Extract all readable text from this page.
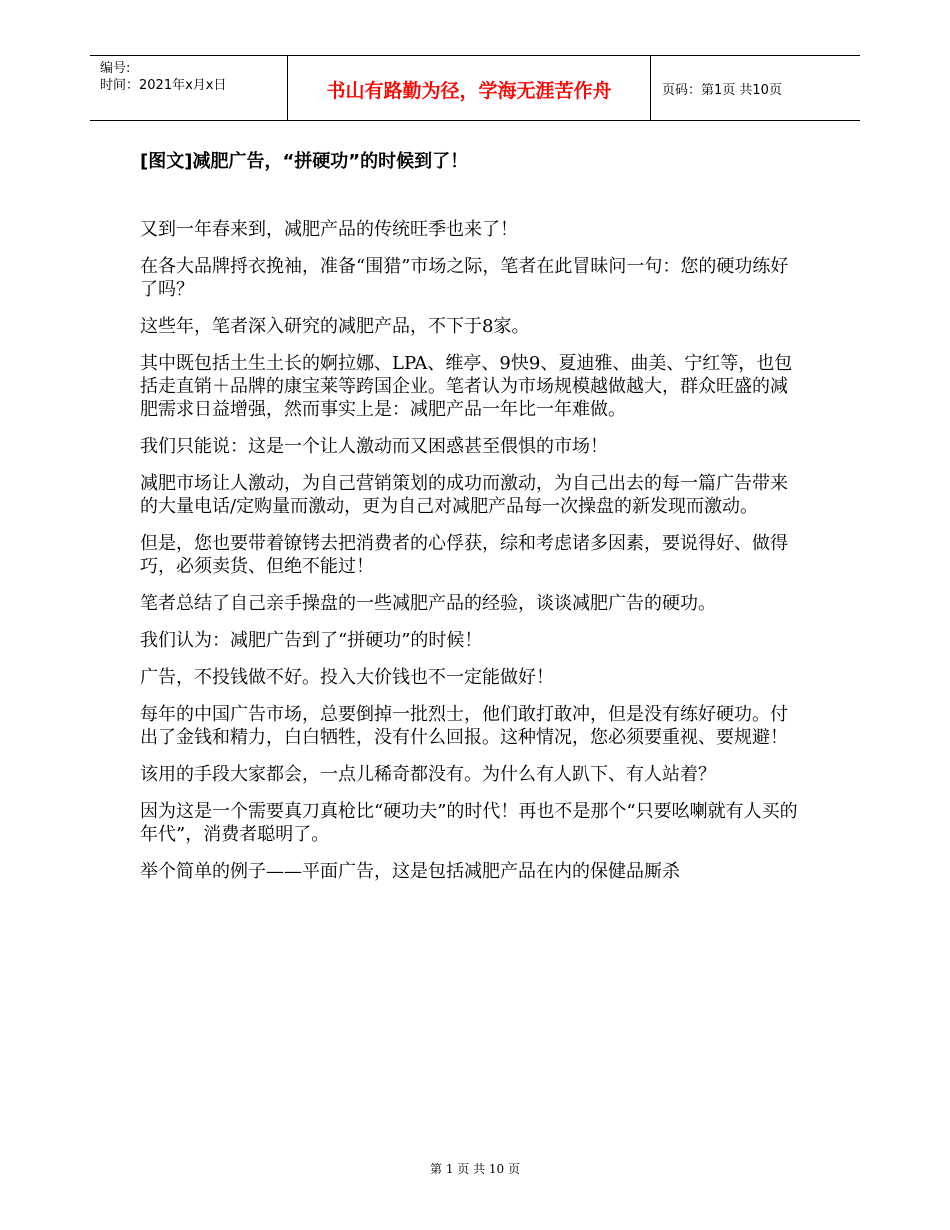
编号:
时间：2021年x月x日	书山有路勤为径，学海无涯苦作舟	页码：第1页 共10页
[图文]减肥广告，“拼硬功”的时候到了！

又到一年春来到，减肥产品的传统旺季也来了！

在各大品牌捋衣挽袖，准备“围猎”市场之际，笔者在此冒昧问一句：您的硬功练好了吗？

这些年，笔者深入研究的减肥产品，不下于8家。

其中既包括土生土长的婀拉娜、LPA、维亭、9快9、夏迪雅、曲美、宁红等，也包括走直销＋品牌的康宝莱等跨国企业。笔者认为市场规模越做越大，群众旺盛的减肥需求日益增强，然而事实上是：减肥产品一年比一年难做。

我们只能说：这是一个让人激动而又困惑甚至偎惧的市场！

减肥市场让人激动，为自己营销策划的成功而激动，为自己出去的每一篇广告带来的大量电话/定购量而激动，更为自己对减肥产品每一次操盘的新发现而激动。

但是，您也要带着镣铐去把消费者的心俘获，综和考虑诸多因素，要说得好、做得巧，必须卖货、但绝不能过！

笔者总结了自己亲手操盘的一些减肥产品的经验，谈谈减肥广告的硬功。

我们认为：减肥广告到了“拼硬功”的时候！

广告，不投钱做不好。投入大价钱也不一定能做好！

每年的中国广告市场，总要倒掉一批烈士，他们敢打敢冲，但是没有练好硬功。付出了金钱和精力，白白牺牲，没有什么回报。这种情况，您必须要重视、要规避！

该用的手段大家都会，一点儿稀奇都没有。为什么有人趴下、有人站着？

因为这是一个需要真刀真枪比“硬功夫”的时代！再也不是那个“只要吆喇就有人买的年代”，消费者聪明了。

举个简单的例子——平面广告，这是包括减肥产品在内的保健品厮杀

第 1 页 共 10 页
